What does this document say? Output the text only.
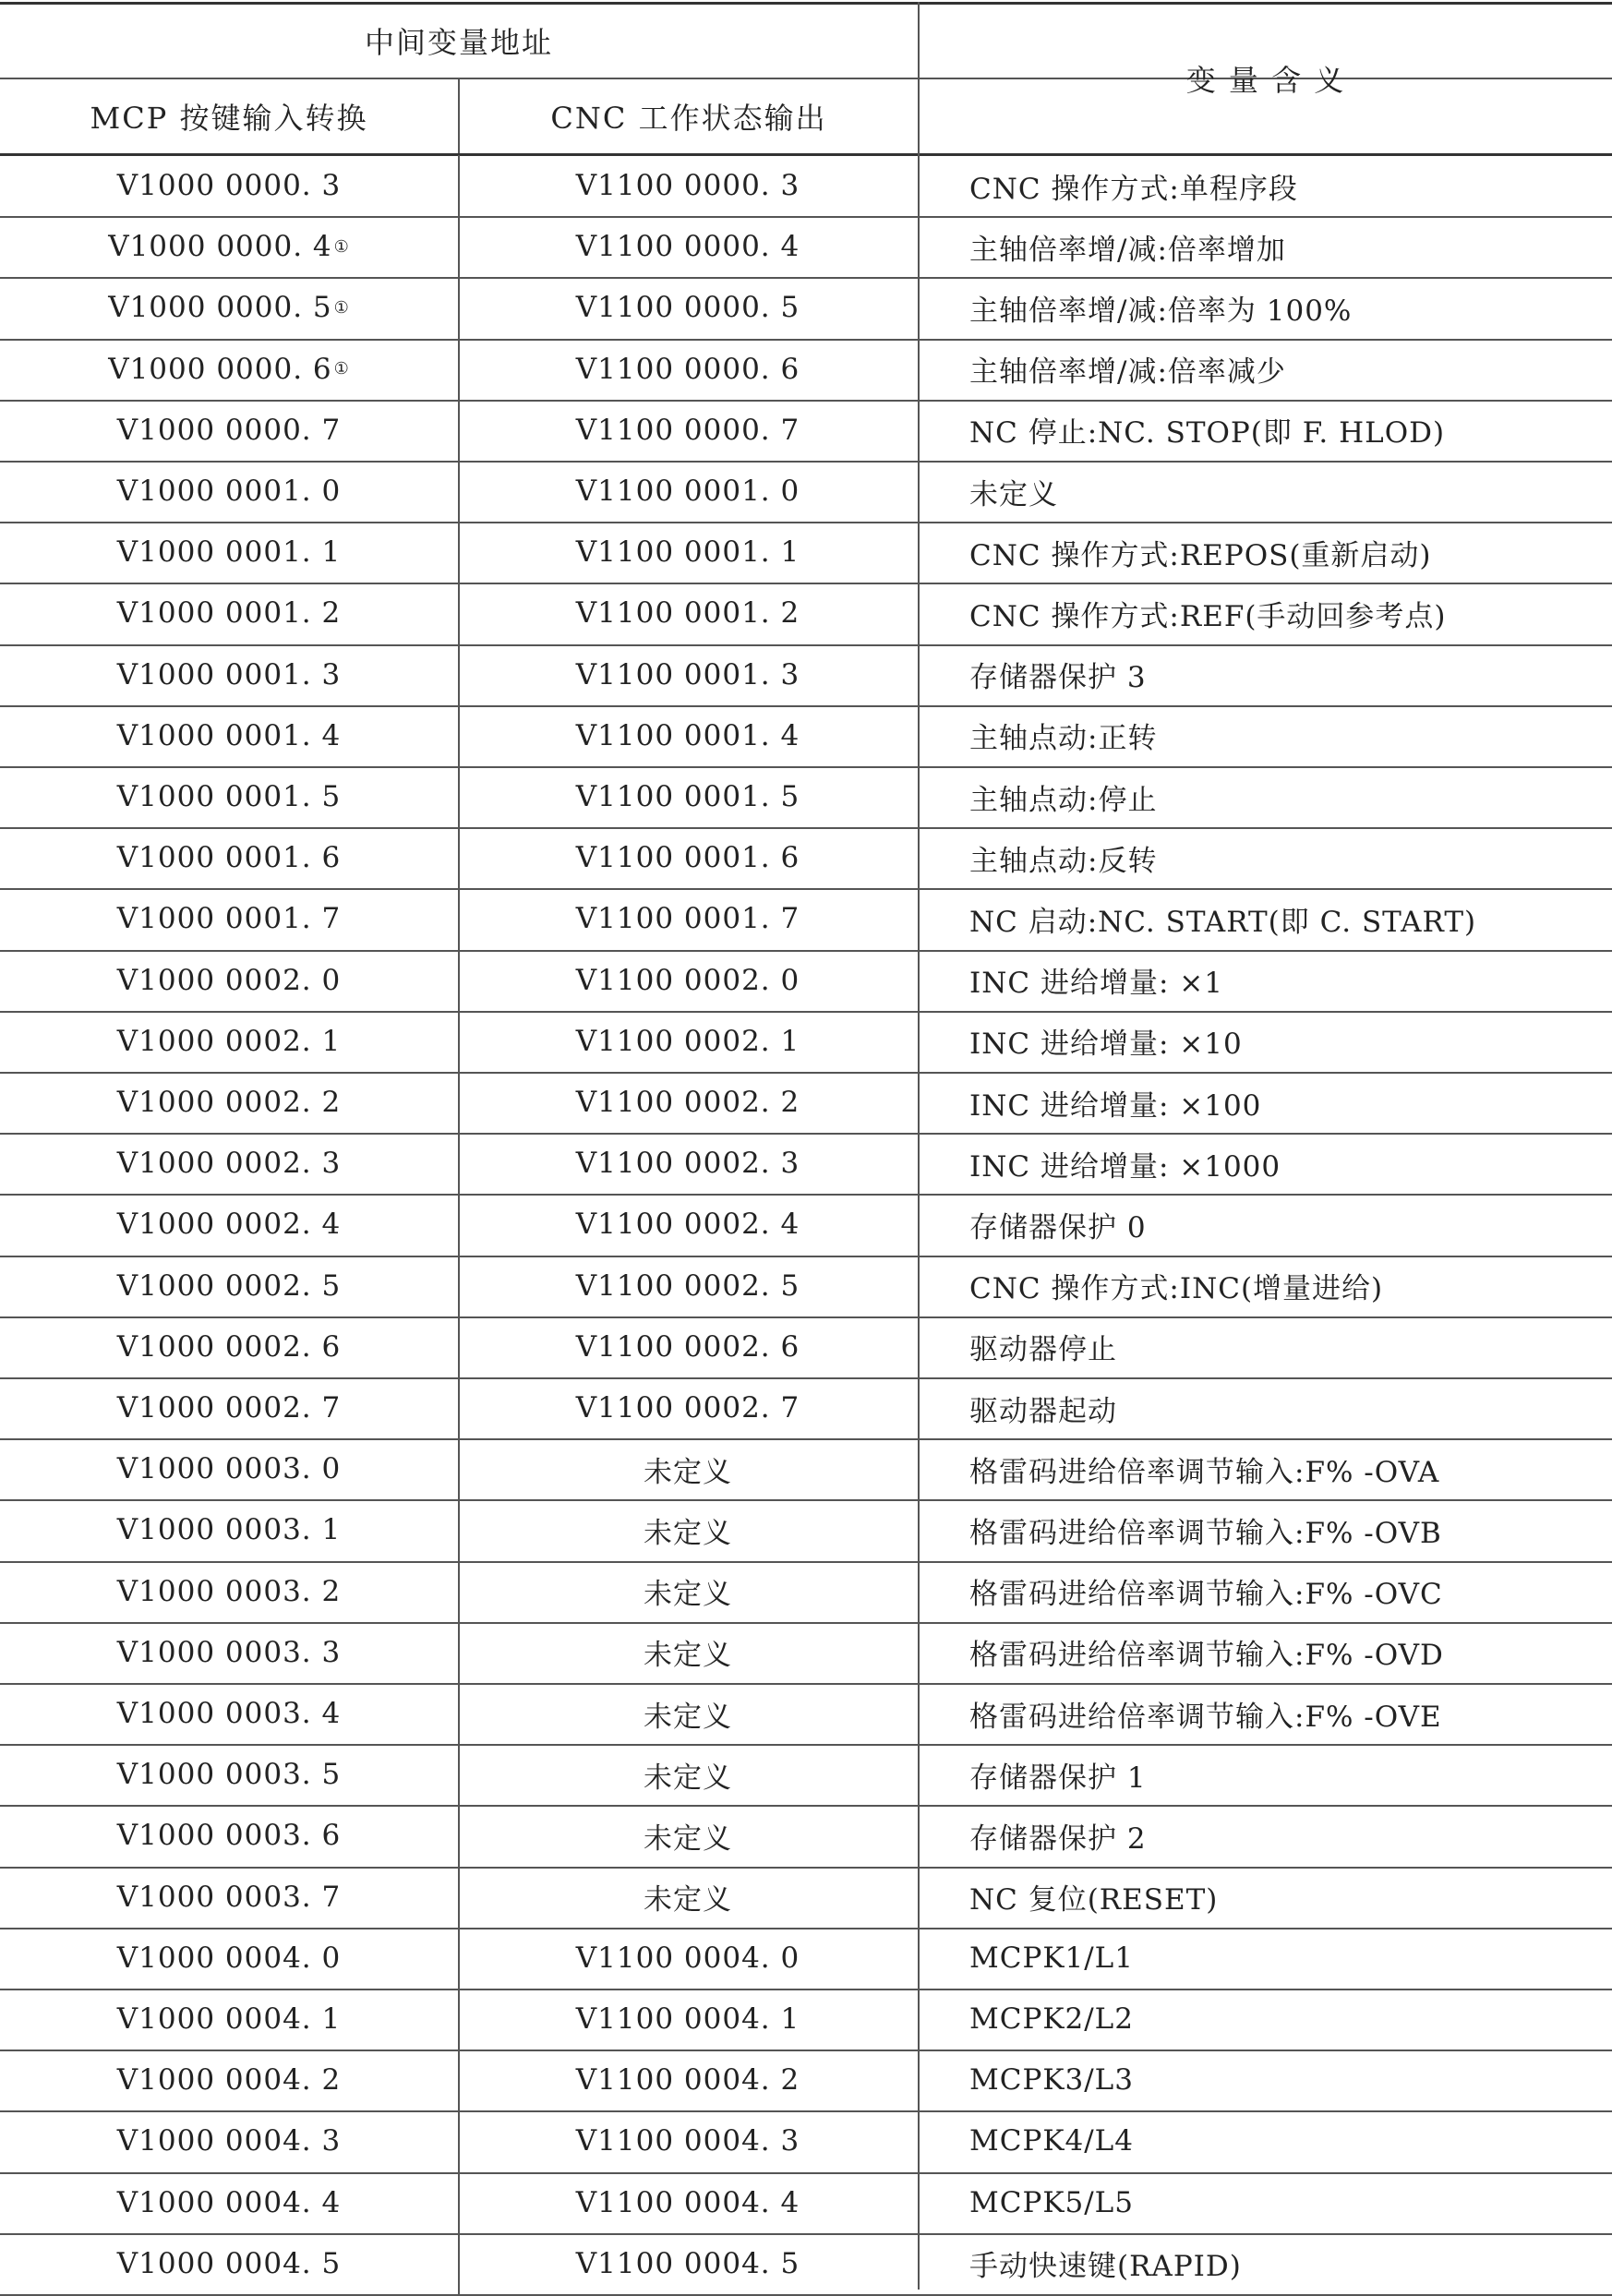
中间变量地址
MCP 按键输入转换	CNC 工作状态输出
变 量 含 义
V1000 0000. 3	V1100 0000. 3	CNC 操作方式:单程序段
V1000 0000. 4 ①	V1100 0000. 4	主轴倍率增/减:倍率增加
V1000 0000. 5 ①	V1100 0000. 5	主轴倍率增/减:倍率为 100%
V1000 0000. 6 ①	V1100 0000. 6	主轴倍率增/减:倍率减少
V1000 0000. 7	V1100 0000. 7	NC 停止:NC. STOP(即 F. HLOD)
V1000 0001. 0	V1100 0001. 0	未定义
V1000 0001. 1	V1100 0001. 1	CNC 操作方式:REPOS(重新启动)
V1000 0001. 2	V1100 0001. 2	CNC 操作方式:REF(手动回参考点)
V1000 0001. 3	V1100 0001. 3	存储器保护 3
V1000 0001. 4	V1100 0001. 4	主轴点动:正转
V1000 0001. 5	V1100 0001. 5	主轴点动:停止
V1000 0001. 6	V1100 0001. 6	主轴点动:反转
V1000 0001. 7	V1100 0001. 7	NC 启动:NC. START(即 C. START)
V1000 0002. 0	V1100 0002. 0	INC 进给增量: ×1
V1000 0002. 1	V1100 0002. 1	INC 进给增量: ×10
V1000 0002. 2	V1100 0002. 2	INC 进给增量: ×100
V1000 0002. 3	V1100 0002. 3	INC 进给增量: ×1000
V1000 0002. 4	V1100 0002. 4	存储器保护 0
V1000 0002. 5	V1100 0002. 5	CNC 操作方式:INC(增量进给)
V1000 0002. 6	V1100 0002. 6	驱动器停止
V1000 0002. 7	V1100 0002. 7	驱动器起动
V1000 0003. 0	未定义	格雷码进给倍率调节输入:F% -OVA
V1000 0003. 1	未定义	格雷码进给倍率调节输入:F% -OVB
V1000 0003. 2	未定义	格雷码进给倍率调节输入:F% -OVC
V1000 0003. 3	未定义	格雷码进给倍率调节输入:F% -OVD
V1000 0003. 4	未定义	格雷码进给倍率调节输入:F% -OVE
V1000 0003. 5	未定义	存储器保护 1
V1000 0003. 6	未定义	存储器保护 2
V1000 0003. 7	未定义	NC 复位(RESET)
V1000 0004. 0	V1100 0004. 0	MCPK1/L1
V1000 0004. 1	V1100 0004. 1	MCPK2/L2
V1000 0004. 2	V1100 0004. 2	MCPK3/L3
V1000 0004. 3	V1100 0004. 3	MCPK4/L4
V1000 0004. 4	V1100 0004. 4	MCPK5/L5
V1000 0004. 5	V1100 0004. 5	手动快速键(RAPID)
